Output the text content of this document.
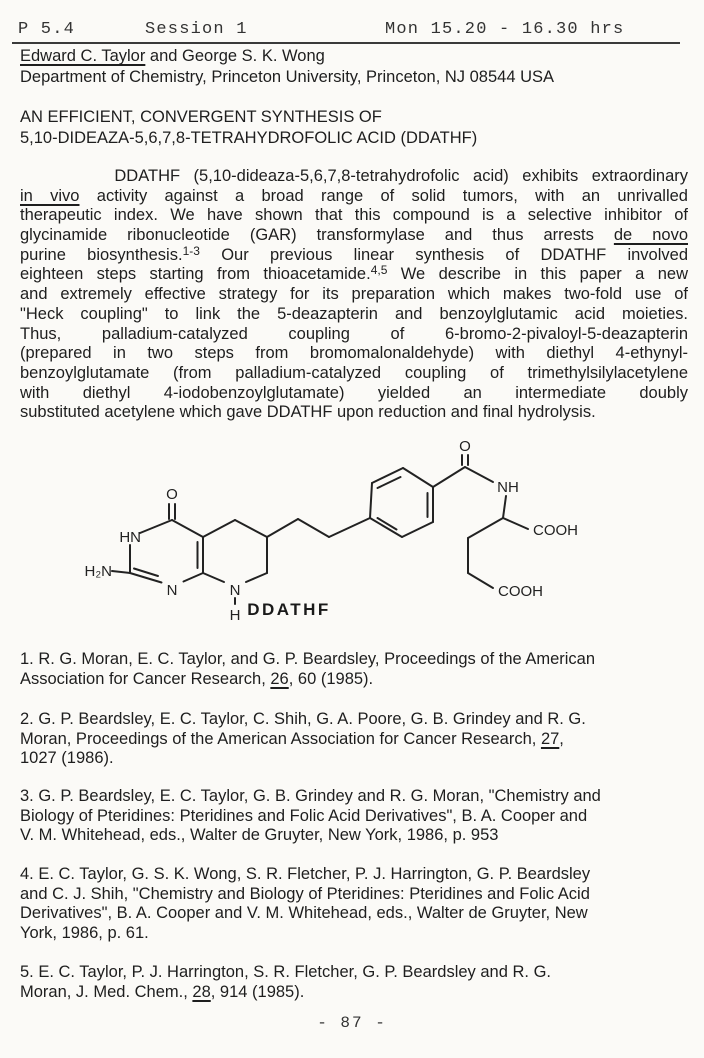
P 5.4	Session 1	Mon 15.20 - 16.30 hrs
Edward C. Taylor and George S. K. Wong
Department of Chemistry, Princeton University, Princeton, NJ 08544 USA
AN EFFICIENT, CONVERGENT SYNTHESIS OF
5,10-DIDEAZA-5,6,7,8-TETRAHYDROFOLIC ACID (DDATHF)
DDATHF (5,10-dideaza-5,6,7,8-tetrahydrofolic acid) exhibits extraordinary
in vivo activity against a broad range of solid tumors, with an unrivalled
therapeutic index. We have shown that this compound is a selective inhibitor of
glycinamide ribonucleotide (GAR) transformylase and thus arrests de novo
purine biosynthesis.$^{1-3}$ Our previous linear synthesis of DDATHF involved
eighteen steps starting from thioacetamide.$^{4,5}$ We describe in this paper a new
and extremely effective strategy for its preparation which makes two-fold use of
"Heck coupling" to link the 5-deazapterin and benzoylglutamic acid moieties.
Thus, palladium-catalyzed coupling of 6-bromo-2-pivaloyl-5-deazapterin
(prepared in two steps from bromomalonaldehyde) with diethyl 4-ethynyl-
benzoylglutamate (from palladium-catalyzed coupling of trimethylsilylacetylene
with diethyl 4-iodobenzoylglutamate) yielded an intermediate doubly
substituted acetylene which gave DDATHF upon reduction and final hydrolysis.
O
HN
H₂N
N	N
H
O
NH
COOH
COOH
DDATHF
1. R. G. Moran, E. C. Taylor, and G. P. Beardsley, Proceedings of the American
Association for Cancer Research, 26, 60 (1985).
2. G. P. Beardsley, E. C. Taylor, C. Shih, G. A. Poore, G. B. Grindey and R. G.
Moran, Proceedings of the American Association for Cancer Research, 27,
1027 (1986).
3. G. P. Beardsley, E. C. Taylor, G. B. Grindey and R. G. Moran, "Chemistry and
Biology of Pteridines: Pteridines and Folic Acid Derivatives", B. A. Cooper and
V. M. Whitehead, eds., Walter de Gruyter, New York, 1986, p. 953
4. E. C. Taylor, G. S. K. Wong, S. R. Fletcher, P. J. Harrington, G. P. Beardsley
and C. J. Shih, "Chemistry and Biology of Pteridines: Pteridines and Folic Acid
Derivatives", B. A. Cooper and V. M. Whitehead, eds., Walter de Gruyter, New
York, 1986, p. 61.
5. E. C. Taylor, P. J. Harrington, S. R. Fletcher, G. P. Beardsley and R. G.
Moran, J. Med. Chem., 28, 914 (1985).
- 87 -
